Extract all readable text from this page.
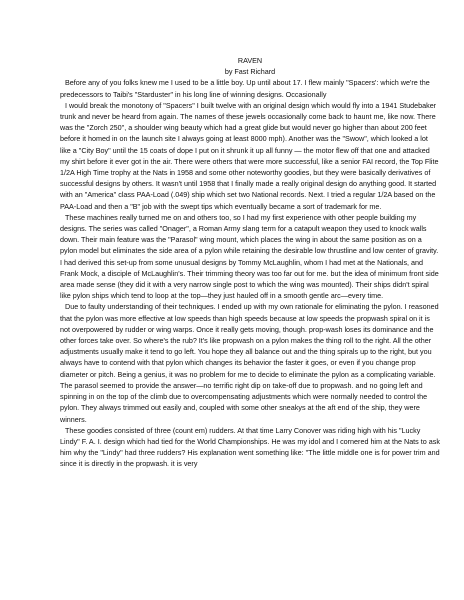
RAVEN

by Fast Richard

Before any of you folks knew me I used to be a little boy. Up until about 17. I flew mainly "Spacers': which we're the predecessors to Taibi's "Starduster" in his long line of winning designs. Occasionally

I would break the monotony of "Spacers" I built twelve with an original design which would fly into a 1941 Studebaker trunk and never be heard from again. The names of these jewels occasionally come back to haunt me, like now. There was the "Zorch 250", a shoulder wing beauty which had a great glide but would never go higher than about 200 feet before it homed in on the launch site I always going at least 8000 mph). Another was the "Swow", which looked a lot like a "City Boy" until the 15 coats of dope I put on it shrunk it up all funny — the motor flew off that one and attacked my shirt before it ever got in the air. There were others that were more successful, like a senior FAI record, the Top Flite 1/2A High Time trophy at the Nats in 1958 and some other noteworthy goodies, but they were basically derivatives of successful designs by others. It wasn't until 1958 that I finally made a really original design do anything good. It started with an "America" class PAA-Load (.049) ship which set two National records. Next. I tried a regular 1/2A based on the PAA-Load and then a "B" job with the swept tips which eventually became a sort of trademark for me.

These machines really turned me on and others too, so I had my first experience with other people building my designs. The series was called "Onager", a Roman Army slang term for a catapult weapon they used to knock walls down. Their main feature was the "Parasol" wing mount, which places the wing in about the same position as on a pylon model but eliminates the side area of a pylon while retaining the desirable low thrustline and low center of gravity. I had derived this set-up from some unusual designs by Tommy McLaughlin, whom I had met at the Nationals, and Frank Mock, a disciple of McLaughlin's. Their trimming theory was too far out for me. but the idea of minimum front side area made sense (they did it with a very narrow single post to which the wing was mounted). Their ships didn't spiral like pylon ships which tend to loop at the top—they just hauled off in a smooth gentle arc—every time.

Due to faulty understanding of their techniques. I ended up with my own rationale for eliminating the pylon. I reasoned that the pylon was more effective at low speeds than high speeds because at low speeds the propwash spiral on it is not overpowered by rudder or wing warps. Once it really gets moving, though. prop-wash loses its dominance and the other forces take over. So where's the rub? It's like propwash on a pylon makes the thing roll to the right. All the other adjustments usually make it tend to go left. You hope they all balance out and the thing spirals up to the right, but you always have to contend with that pylon which changes its behavior the faster it goes, or even if you change prop diameter or pitch. Being a genius, it was no problem for me to decide to eliminate the pylon as a complicating variable. The parasol seemed to provide the answer—no terrific right dip on take-off due to propwash. and no going left and spinning in on the top of the climb due to overcompensating adjustments which were normally needed to control the pylon. They always trimmed out easily and, coupled with some other sneakys at the aft end of the ship, they were winners.

These goodies consisted of three (count em) rudders. At that time Larry Conover was riding high with his "Lucky Lindy" F. A. I. design which had tied for the World Championships. He was my idol and I cornered him at the Nats to ask him why the "Lindy" had three rudders? His explanation went something like: "The little middle one is for power trim and since it is directly in the propwash. it is very
